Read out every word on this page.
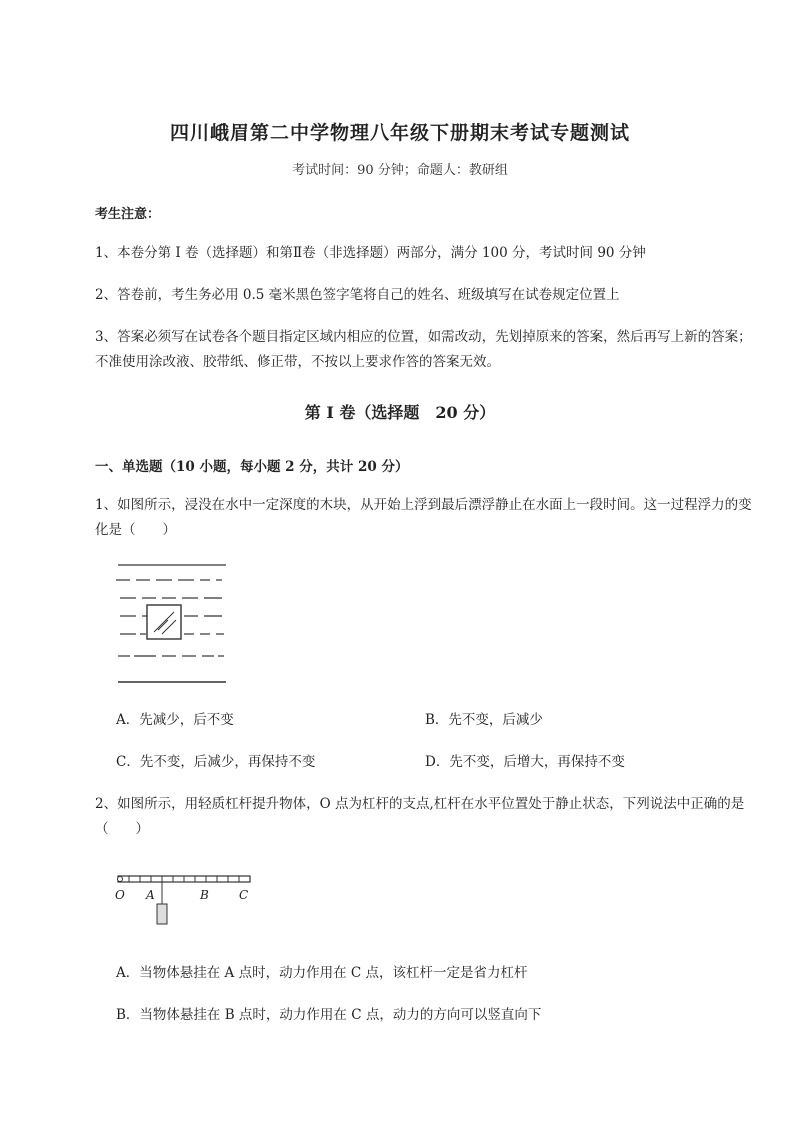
四川峨眉第二中学物理八年级下册期末考试专题测试
考试时间：90 分钟；命题人：教研组
考生注意：
1、本卷分第 I 卷（选择题）和第Ⅱ卷（非选择题）两部分，满分 100 分，考试时间 90 分钟
2、答卷前，考生务必用 0.5 毫米黑色签字笔将自己的姓名、班级填写在试卷规定位置上
3、答案必须写在试卷各个题目指定区域内相应的位置，如需改动，先划掉原来的答案，然后再写上新的答案；不准使用涂改液、胶带纸、修正带，不按以上要求作答的答案无效。
第 I 卷（选择题　20 分）
一、单选题（10 小题，每小题 2 分，共计 20 分）
1、如图所示，浸没在水中一定深度的木块，从开始上浮到最后漂浮静止在水面上一段时间。这一过程浮力的变化是（　　）
A．先减少，后不变	B．先不变，后减少
C．先不变，后减少，再保持不变	D．先不变，后增大，再保持不变
2、如图所示，用轻质杠杆提升物体，O 点为杠杆的支点,杠杆在水平位置处于静止状态，下列说法中正确的是（　　）
O A	B	C
A．当物体悬挂在 A 点时，动力作用在 C 点，该杠杆一定是省力杠杆
B．当物体悬挂在 B 点时，动力作用在 C 点，动力的方向可以竖直向下
